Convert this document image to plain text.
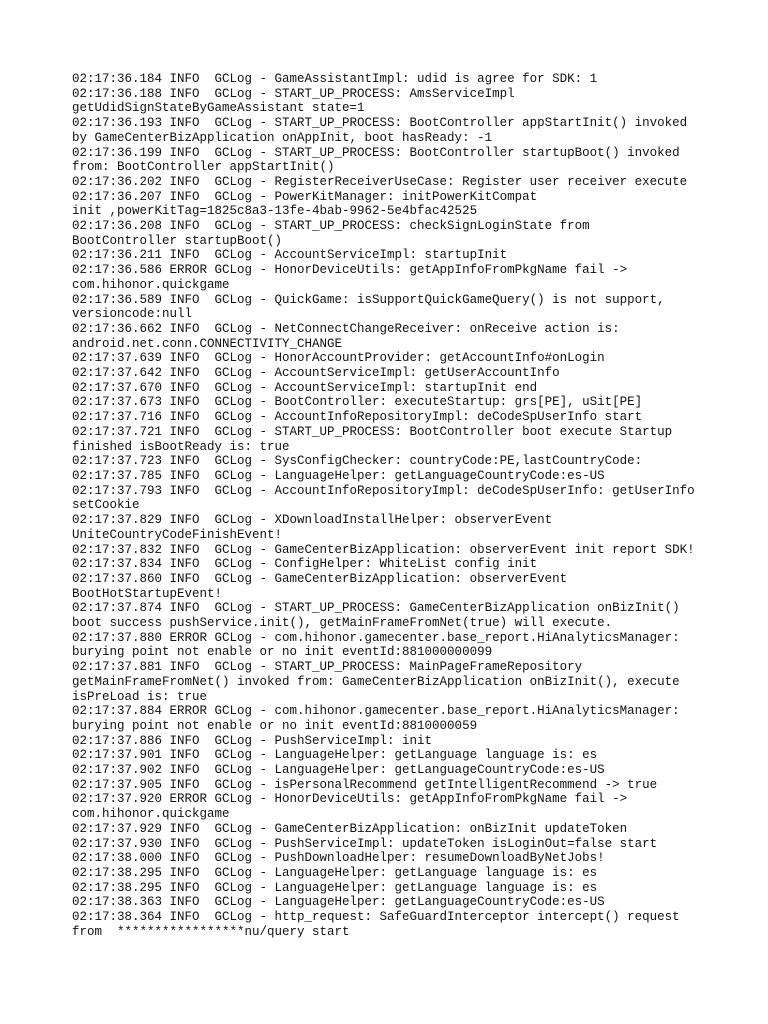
02:17:36.184 INFO  GCLog - GameAssistantImpl: udid is agree for SDK: 1
02:17:36.188 INFO  GCLog - START_UP_PROCESS: AmsServiceImpl
getUdidSignStateByGameAssistant state=1
02:17:36.193 INFO  GCLog - START_UP_PROCESS: BootController appStartInit() invoked
by GameCenterBizApplication onAppInit, boot hasReady: -1
02:17:36.199 INFO  GCLog - START_UP_PROCESS: BootController startupBoot() invoked
from: BootController appStartInit()
02:17:36.202 INFO  GCLog - RegisterReceiverUseCase: Register user receiver execute
02:17:36.207 INFO  GCLog - PowerKitManager: initPowerKitCompat
init ,powerKitTag=1825c8a3-13fe-4bab-9962-5e4bfac42525
02:17:36.208 INFO  GCLog - START_UP_PROCESS: checkSignLoginState from
BootController startupBoot()
02:17:36.211 INFO  GCLog - AccountServiceImpl: startupInit
02:17:36.586 ERROR GCLog - HonorDeviceUtils: getAppInfoFromPkgName fail ->
com.hihonor.quickgame
02:17:36.589 INFO  GCLog - QuickGame: isSupportQuickGameQuery() is not support,
versioncode:null
02:17:36.662 INFO  GCLog - NetConnectChangeReceiver: onReceive action is:
android.net.conn.CONNECTIVITY_CHANGE
02:17:37.639 INFO  GCLog - HonorAccountProvider: getAccountInfo#onLogin
02:17:37.642 INFO  GCLog - AccountServiceImpl: getUserAccountInfo
02:17:37.670 INFO  GCLog - AccountServiceImpl: startupInit end
02:17:37.673 INFO  GCLog - BootController: executeStartup: grs[PE], uSit[PE]
02:17:37.716 INFO  GCLog - AccountInfoRepositoryImpl: deCodeSpUserInfo start
02:17:37.721 INFO  GCLog - START_UP_PROCESS: BootController boot execute Startup
finished isBootReady is: true
02:17:37.723 INFO  GCLog - SysConfigChecker: countryCode:PE,lastCountryCode:
02:17:37.785 INFO  GCLog - LanguageHelper: getLanguageCountryCode:es-US
02:17:37.793 INFO  GCLog - AccountInfoRepositoryImpl: deCodeSpUserInfo: getUserInfo
setCookie
02:17:37.829 INFO  GCLog - XDownloadInstallHelper: observerEvent
UniteCountryCodeFinishEvent!
02:17:37.832 INFO  GCLog - GameCenterBizApplication: observerEvent init report SDK!
02:17:37.834 INFO  GCLog - ConfigHelper: WhiteList config init
02:17:37.860 INFO  GCLog - GameCenterBizApplication: observerEvent
BootHotStartupEvent!
02:17:37.874 INFO  GCLog - START_UP_PROCESS: GameCenterBizApplication onBizInit()
boot success pushService.init(), getMainFrameFromNet(true) will execute.
02:17:37.880 ERROR GCLog - com.hihonor.gamecenter.base_report.HiAnalyticsManager:
burying point not enable or no init eventId:881000000099
02:17:37.881 INFO  GCLog - START_UP_PROCESS: MainPageFrameRepository
getMainFrameFromNet() invoked from: GameCenterBizApplication onBizInit(), execute
isPreLoad is: true
02:17:37.884 ERROR GCLog - com.hihonor.gamecenter.base_report.HiAnalyticsManager:
burying point not enable or no init eventId:8810000059
02:17:37.886 INFO  GCLog - PushServiceImpl: init
02:17:37.901 INFO  GCLog - LanguageHelper: getLanguage language is: es
02:17:37.902 INFO  GCLog - LanguageHelper: getLanguageCountryCode:es-US
02:17:37.905 INFO  GCLog - isPersonalRecommend getIntelligentRecommend -> true
02:17:37.920 ERROR GCLog - HonorDeviceUtils: getAppInfoFromPkgName fail ->
com.hihonor.quickgame
02:17:37.929 INFO  GCLog - GameCenterBizApplication: onBizInit updateToken
02:17:37.930 INFO  GCLog - PushServiceImpl: updateToken isLoginOut=false start
02:17:38.000 INFO  GCLog - PushDownloadHelper: resumeDownloadByNetJobs!
02:17:38.295 INFO  GCLog - LanguageHelper: getLanguage language is: es
02:17:38.295 INFO  GCLog - LanguageHelper: getLanguage language is: es
02:17:38.363 INFO  GCLog - LanguageHelper: getLanguageCountryCode:es-US
02:17:38.364 INFO  GCLog - http_request: SafeGuardInterceptor intercept() request
from  *****************nu/query start
